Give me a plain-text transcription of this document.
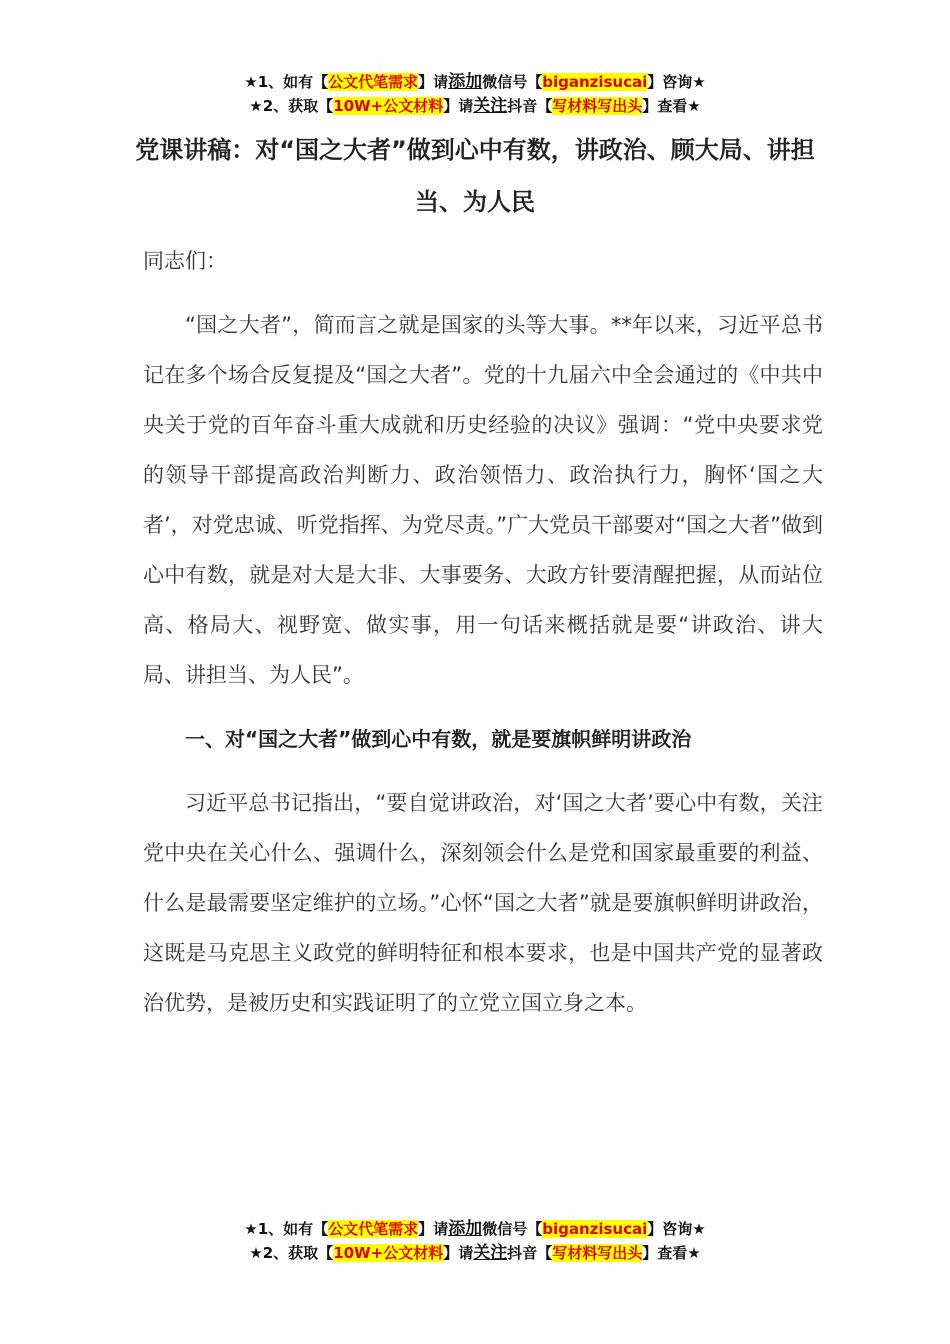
★1、如有【公文代笔需求】请添加微信号【biganzisucai】咨询★
★2、获取【10W+公文材料】请关注抖音【写材料写出头】查看★
党课讲稿：对“国之大者”做到心中有数，讲政治、顾大局、讲担当、为人民

同志们：

“国之大者”，简而言之就是国家的头等大事。**年以来，习近平总书记在多个场合反复提及“国之大者”。党的十九届六中全会通过的《中共中央关于党的百年奋斗重大成就和历史经验的决议》强调：“党中央要求党的领导干部提高政治判断力、政治领悟力、政治执行力，胸怀‘国之大者’，对党忠诚、听党指挥、为党尽责。”广大党员干部要对“国之大者”做到心中有数，就是对大是大非、大事要务、大政方针要清醒把握，从而站位高、格局大、视野宽、做实事，用一句话来概括就是要“讲政治、讲大局、讲担当、为人民”。

一、对“国之大者”做到心中有数，就是要旗帜鲜明讲政治

习近平总书记指出，“要自觉讲政治，对‘国之大者’要心中有数，关注党中央在关心什么、强调什么，深刻领会什么是党和国家最重要的利益、什么是最需要坚定维护的立场。”心怀“国之大者”就是要旗帜鲜明讲政治，这既是马克思主义政党的鲜明特征和根本要求，也是中国共产党的显著政治优势，是被历史和实践证明了的立党立国立身之本。

★1、如有【公文代笔需求】请添加微信号【biganzisucai】咨询★
★2、获取【10W+公文材料】请关注抖音【写材料写出头】查看★
